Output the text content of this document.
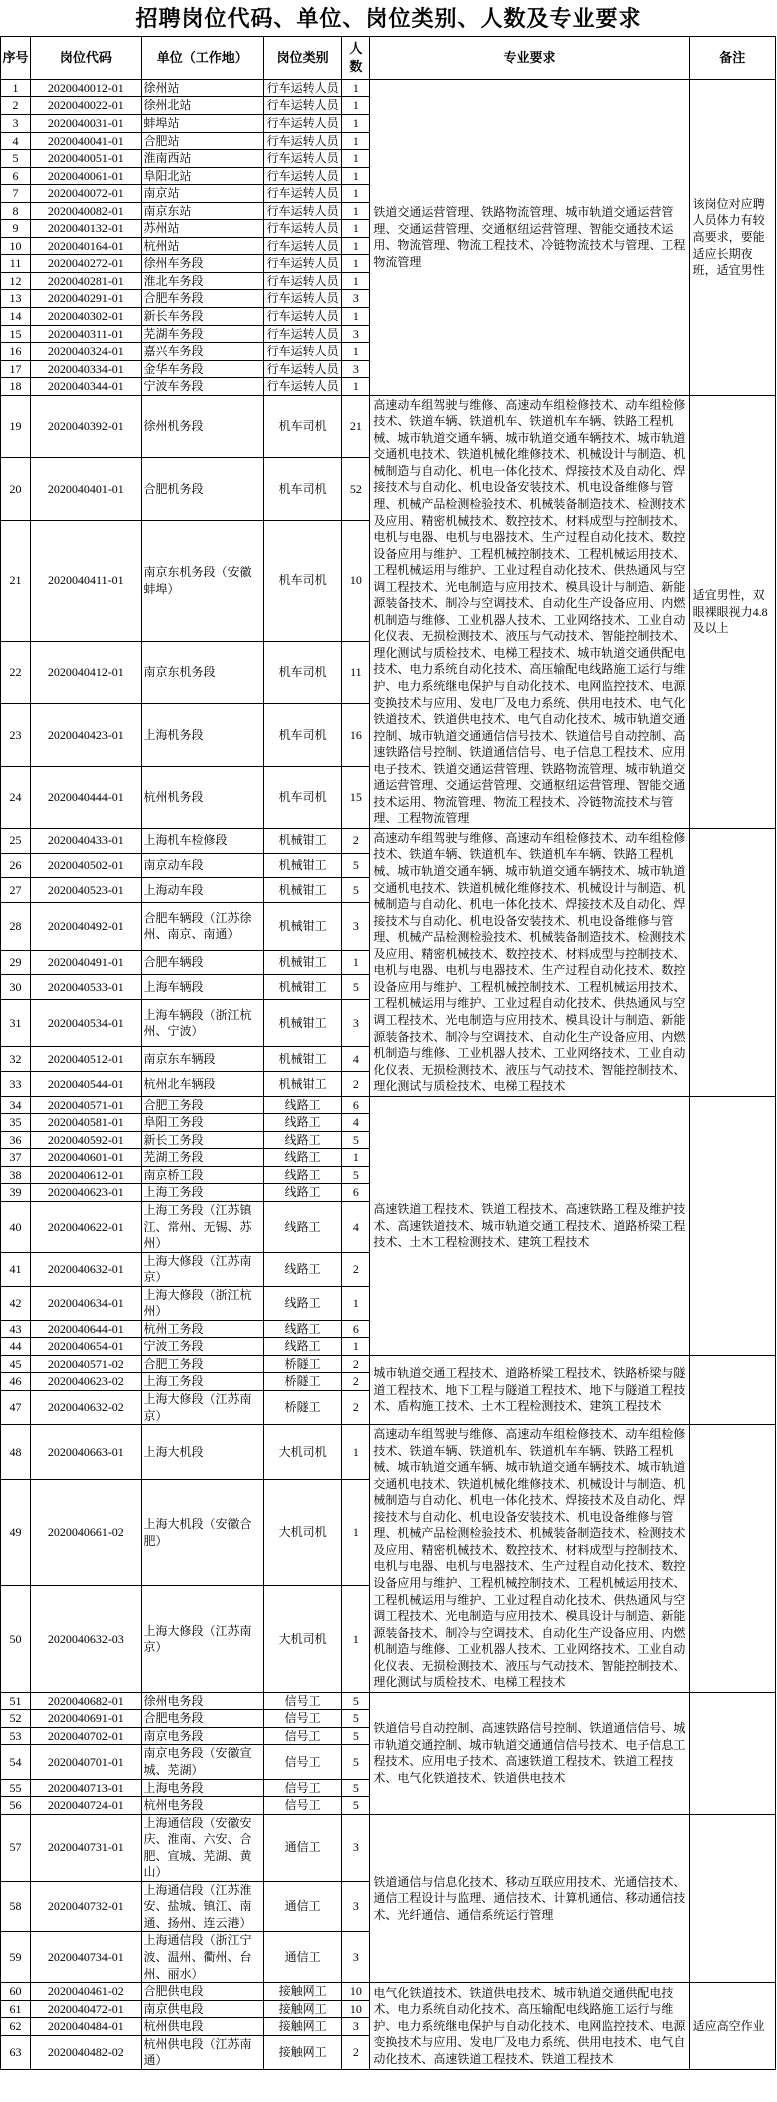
招聘岗位代码、单位、岗位类别、人数及专业要求
序号	岗位代码	单位（工作地）	岗位类别	人数	专业要求	备注
1	2020040012-01	徐州站	行车运转人员	1	铁道交通运营管理、铁路物流管理、城市轨道交通运营管理、交通运营管理、交通枢纽运营管理、智能交通技术运用、物流管理、物流工程技术、冷链物流技术与管理、工程物流管理	该岗位对应聘人员体力有较高要求，要能适应长期夜班，适宜男性
2	2020040022-01	徐州北站	行车运转人员	1		
3	2020040031-01	蚌埠站	行车运转人员	1		
4	2020040041-01	合肥站	行车运转人员	1		
5	2020040051-01	淮南西站	行车运转人员	1		
6	2020040061-01	阜阳北站	行车运转人员	1		
7	2020040072-01	南京站	行车运转人员	1		
8	2020040082-01	南京东站	行车运转人员	1		
9	2020040132-01	苏州站	行车运转人员	1		
10	2020040164-01	杭州站	行车运转人员	1		
11	2020040272-01	徐州车务段	行车运转人员	1		
12	2020040281-01	淮北车务段	行车运转人员	1		
13	2020040291-01	合肥车务段	行车运转人员	3		
14	2020040302-01	新长车务段	行车运转人员	1		
15	2020040311-01	芜湖车务段	行车运转人员	3		
16	2020040324-01	嘉兴车务段	行车运转人员	1		
17	2020040334-01	金华车务段	行车运转人员	3		
18	2020040344-01	宁波车务段	行车运转人员	1		
19	2020040392-01	徐州机务段	机车司机	21	高速动车组驾驶与维修、高速动车组检修技术、动车组检修技术、铁道车辆、铁道机车、铁道机车车辆、铁路工程机械、城市轨道交通车辆、城市轨道交通车辆技术、城市轨道交通机电技术、铁道机械化维修技术、机械设计与制造、机械制造与自动化、机电一体化技术、焊接技术及自动化、焊接技术与自动化、机电设备安装技术、机电设备维修与管理、机械产品检测检验技术、机械装备制造技术、检测技术及应用、精密机械技术、数控技术、材料成型与控制技术、电机与电器、电机与电器技术、生产过程自动化技术、数控设备应用与维护、工程机械控制技术、工程机械运用技术、工程机械运用与维护、工业过程自动化技术、供热通风与空调工程技术、光电制造与应用技术、模具设计与制造、新能源装备技术、制冷与空调技术、自动化生产设备应用、内燃机制造与维修、工业机器人技术、工业网络技术、工业自动化仪表、无损检测技术、液压与气动技术、智能控制技术、理化测试与质检技术、电梯工程技术、城市轨道交通供配电技术、电力系统自动化技术、高压输配电线路施工运行与维护、电力系统继电保护与自动化技术、电网监控技术、电源变换技术与应用、发电厂及电力系统、供用电技术、电气化铁道技术、铁道供电技术、电气自动化技术、城市轨道交通控制、城市轨道交通通信信号技术、铁道信号自动控制、高速铁路信号控制、铁道通信信号、电子信息工程技术、应用电子技术、铁道交通运营管理、铁路物流管理、城市轨道交通运营管理、交通运营管理、交通枢纽运营管理、智能交通技术运用、物流管理、物流工程技术、冷链物流技术与管理、工程物流管理	适宜男性，双眼裸眼视力4.8及以上
20	2020040401-01	合肥机务段	机车司机	52		
21	2020040411-01	南京东机务段（安徽蚌埠）	机车司机	10		
22	2020040412-01	南京东机务段	机车司机	11		
23	2020040423-01	上海机务段	机车司机	16		
24	2020040444-01	杭州机务段	机车司机	15		
25	2020040433-01	上海机车检修段	机械钳工	2	高速动车组驾驶与维修、高速动车组检修技术、动车组检修技术、铁道车辆、铁道机车、铁道机车车辆、铁路工程机械、城市轨道交通车辆、城市轨道交通车辆技术、城市轨道交通机电技术、铁道机械化维修技术、机械设计与制造、机械制造与自动化、机电一体化技术、焊接技术及自动化、焊接技术与自动化、机电设备安装技术、机电设备维修与管理、机械产品检测检验技术、机械装备制造技术、检测技术及应用、精密机械技术、数控技术、材料成型与控制技术、电机与电器、电机与电器技术、生产过程自动化技术、数控设备应用与维护、工程机械控制技术、工程机械运用技术、工程机械运用与维护、工业过程自动化技术、供热通风与空调工程技术、光电制造与应用技术、模具设计与制造、新能源装备技术、制冷与空调技术、自动化生产设备应用、内燃机制造与维修、工业机器人技术、工业网络技术、工业自动化仪表、无损检测技术、液压与气动技术、智能控制技术、理化测试与质检技术、电梯工程技术	
26	2020040502-01	南京动车段	机械钳工	5		
27	2020040523-01	上海动车段	机械钳工	5		
28	2020040492-01	合肥车辆段（江苏徐州、南京、南通）	机械钳工	3		
29	2020040491-01	合肥车辆段	机械钳工	1		
30	2020040533-01	上海车辆段	机械钳工	5		
31	2020040534-01	上海车辆段（浙江杭州、宁波）	机械钳工	3		
32	2020040512-01	南京东车辆段	机械钳工	4		
33	2020040544-01	杭州北车辆段	机械钳工	2		
34	2020040571-01	合肥工务段	线路工	6	高速铁道工程技术、铁道工程技术、高速铁路工程及维护技术、高速铁道技术、城市轨道交通工程技术、道路桥梁工程技术、土木工程检测技术、建筑工程技术	
35	2020040581-01	阜阳工务段	线路工	4		
36	2020040592-01	新长工务段	线路工	5		
37	2020040601-01	芜湖工务段	线路工	1		
38	2020040612-01	南京桥工段	线路工	5		
39	2020040623-01	上海工务段	线路工	6		
40	2020040622-01	上海工务段（江苏镇江、常州、无锡、苏州）	线路工	4		
41	2020040632-01	上海大修段（江苏南京）	线路工	2		
42	2020040634-01	上海大修段（浙江杭州）	线路工	1		
43	2020040644-01	杭州工务段	线路工	6		
44	2020040654-01	宁波工务段	线路工	1		
45	2020040571-02	合肥工务段	桥隧工	2	城市轨道交通工程技术、道路桥梁工程技术、铁路桥梁与隧道工程技术、地下工程与隧道工程技术、地下与隧道工程技术、盾构施工技术、土木工程检测技术、建筑工程技术	
46	2020040623-02	上海工务段	桥隧工	2		
47	2020040632-02	上海大修段（江苏南京）	桥隧工	2		
48	2020040663-01	上海大机段	大机司机	1	高速动车组驾驶与维修、高速动车组检修技术、动车组检修技术、铁道车辆、铁道机车、铁道机车车辆、铁路工程机械、城市轨道交通车辆、城市轨道交通车辆技术、城市轨道交通机电技术、铁道机械化维修技术、机械设计与制造、机械制造与自动化、机电一体化技术、焊接技术及自动化、焊接技术与自动化、机电设备安装技术、机电设备维修与管理、机械产品检测检验技术、机械装备制造技术、检测技术及应用、精密机械技术、数控技术、材料成型与控制技术、电机与电器、电机与电器技术、生产过程自动化技术、数控设备应用与维护、工程机械控制技术、工程机械运用技术、工程机械运用与维护、工业过程自动化技术、供热通风与空调工程技术、光电制造与应用技术、模具设计与制造、新能源装备技术、制冷与空调技术、自动化生产设备应用、内燃机制造与维修、工业机器人技术、工业网络技术、工业自动化仪表、无损检测技术、液压与气动技术、智能控制技术、理化测试与质检技术、电梯工程技术	
49	2020040661-02	上海大机段（安徽合肥）	大机司机	1		
50	2020040632-03	上海大修段（江苏南京）	大机司机	1		
51	2020040682-01	徐州电务段	信号工	5	铁道信号自动控制、高速铁路信号控制、铁道通信信号、城市轨道交通控制、城市轨道交通通信信号技术、电子信息工程技术、应用电子技术、高速铁道工程技术、铁道工程技术、电气化铁道技术、铁道供电技术	
52	2020040691-01	合肥电务段	信号工	5		
53	2020040702-01	南京电务段	信号工	5		
54	2020040701-01	南京电务段（安徽宣城、芜湖）	信号工	5		
55	2020040713-01	上海电务段	信号工	5		
56	2020040724-01	杭州电务段	信号工	5		
57	2020040731-01	上海通信段（安徽安庆、淮南、六安、合肥、宣城、芜湖、黄山）	通信工	3	铁道通信与信息化技术、移动互联应用技术、光通信技术、通信工程设计与监理、通信技术、计算机通信、移动通信技术、光纤通信、通信系统运行管理	
58	2020040732-01	上海通信段（江苏淮安、盐城、镇江、南通、扬州、连云港）	通信工	3		
59	2020040734-01	上海通信段（浙江宁波、温州、衢州、台州、丽水）	通信工	3		
60	2020040461-02	合肥供电段	接触网工	10	电气化铁道技术、铁道供电技术、城市轨道交通供配电技术、电力系统自动化技术、高压输配电线路施工运行与维护、电力系统继电保护与自动化技术、电网监控技术、电源变换技术与应用、发电厂及电力系统、供用电技术、电气自动化技术、高速铁道工程技术、铁道工程技术	适应高空作业
61	2020040472-01	南京供电段	接触网工	10		
62	2020040484-01	杭州供电段	接触网工	3		
63	2020040482-02	杭州供电段（江苏南通）	接触网工	2		
